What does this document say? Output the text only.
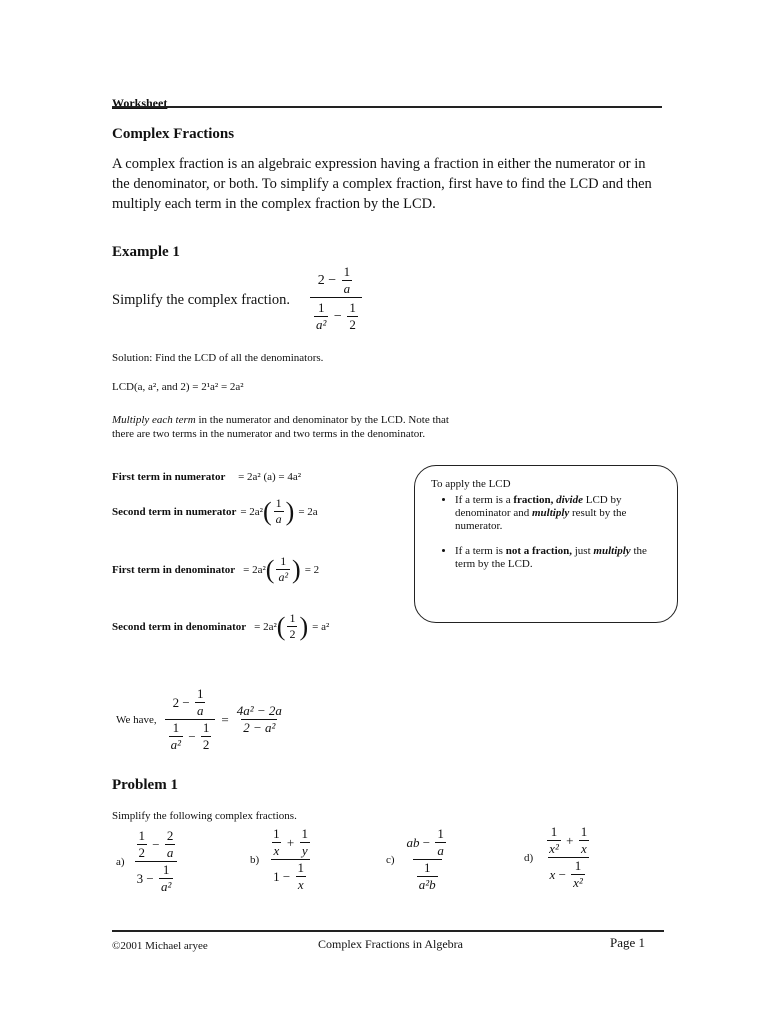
Worksheet
Complex Fractions
A complex fraction is an algebraic expression having a fraction in either the numerator or in the denominator, or both. To simplify a complex fraction, first have to find the LCD and then multiply each term in the complex fraction by the LCD.
Example 1
Simplify the complex fraction. $\frac{2 - \frac{1}{a}}{\frac{1}{\text{a²}} - \frac{1}{2}}$
Solution: Find the LCD of all the denominators.
LCD(a, a², and 2) = 2¹a² = 2a²
Multiply each term in the numerator and denominator by the LCD. Note that there are two terms in the numerator and two terms in the denominator.
First term in numerator = 2a² (a) = 4a²
Second term in numerator = 2a² ( $\frac{1}{a}$ ) = 2a
First term in denominator = 2a² ( $\frac{1}{\text{a²}}$ ) = 2
Second term in denominator = 2a² ( $\frac{1}{2}$ ) = a²
To apply the LCD
• If a term is a fraction, divide LCD by denominator and multiply result by the numerator.
• If a term is not a fraction, just multiply the term by the LCD.
We have, $\frac{2 - \frac{1}{a}}{\frac{1}{\text{a²}} - \frac{1}{2}} = \frac{\text{4a² − 2a}}{\text{2 − a²}}$
Problem 1
Simplify the following complex fractions.
$a) \frac{\frac{1}{2} - \frac{2}{a}}{3 - \frac{1}{\text{a²}}}$	$b) \frac{\frac{1}{x} + \frac{1}{y}}{1 - \frac{1}{x}}$	$c) \frac{ab - \frac{1}{a}}{\frac{1}{\text{a²b}}}$	$d) \frac{\frac{1}{\text{x²}} + \frac{1}{x}}{x - \frac{1}{\text{x²}}}$
©2001 Michael aryee	Complex Fractions in Algebra	Page 1
